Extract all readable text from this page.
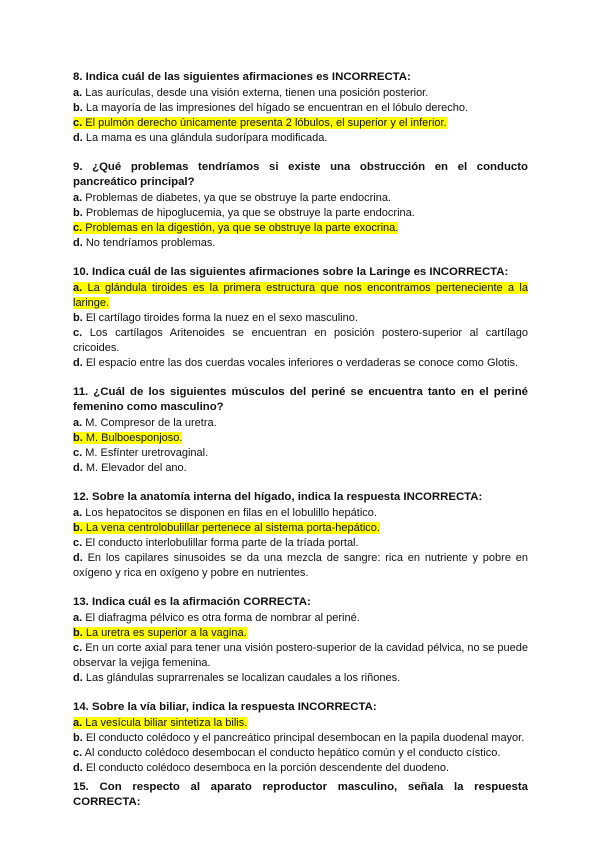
8. Indica cuál de las siguientes afirmaciones es INCORRECTA:

a. Las aurículas, desde una visión externa, tienen una posición posterior.

b. La mayoría de las impresiones del hígado se encuentran en el lóbulo derecho.

c. El pulmón derecho únicamente presenta 2 lóbulos, el superior y el inferior.

d. La mama es una glándula sudorípara modificada.

9. ¿Qué problemas tendríamos si existe una obstrucción en el conducto pancreático principal?

a. Problemas de diabetes, ya que se obstruye la parte endocrina.

b. Problemas de hipoglucemia, ya que se obstruye la parte endocrina.

c. Problemas en la digestión, ya que se obstruye la parte exocrina.

d. No tendríamos problemas.

10. Indica cuál de las siguientes afirmaciones sobre la Laringe es INCORRECTA:

a. La glándula tiroides es la primera estructura que nos encontramos perteneciente a la laringe.

b. El cartílago tiroides forma la nuez en el sexo masculino.

c. Los cartílagos Aritenoides se encuentran en posición postero-superior al cartílago cricoides.

d. El espacio entre las dos cuerdas vocales inferiores o verdaderas se conoce como Glotis.

11. ¿Cuál de los siguientes músculos del periné se encuentra tanto en el periné femenino como masculino?

a. M. Compresor de la uretra.

b. M. Bulboesponjoso.

c. M. Esfínter uretrovaginal.

d. M. Elevador del ano.

12. Sobre la anatomía interna del hígado, indica la respuesta INCORRECTA:

a. Los hepatocitos se disponen en filas en el lobulillo hepático.

b. La vena centrolobulillar pertenece al sistema porta-hepático.

c. El conducto interlobulillar forma parte de la tríada portal.

d. En los capilares sinusoides se da una mezcla de sangre: rica en nutriente y pobre en oxígeno y rica en oxígeno y pobre en nutrientes.

13. Indica cuál es la afirmación CORRECTA:

a. El diafragma pélvico es otra forma de nombrar al periné.

b. La uretra es superior a la vagina.

c. En un corte axial para tener una visión postero-superior de la cavidad pélvica, no se puede observar la vejiga femenina.

d. Las glándulas suprarrenales se localizan caudales a los riñones.

14. Sobre la vía biliar, indica la respuesta INCORRECTA:

a. La vesícula biliar sintetiza la bilis.

b. El conducto colédoco y el pancreático principal desembocan en la papila duodenal mayor.

c. Al conducto colédoco desembocan el conducto hepático común y el conducto cístico.

d. El conducto colédoco desemboca en la porción descendente del duodeno.

15. Con respecto al aparato reproductor masculino, señala la respuesta CORRECTA:
